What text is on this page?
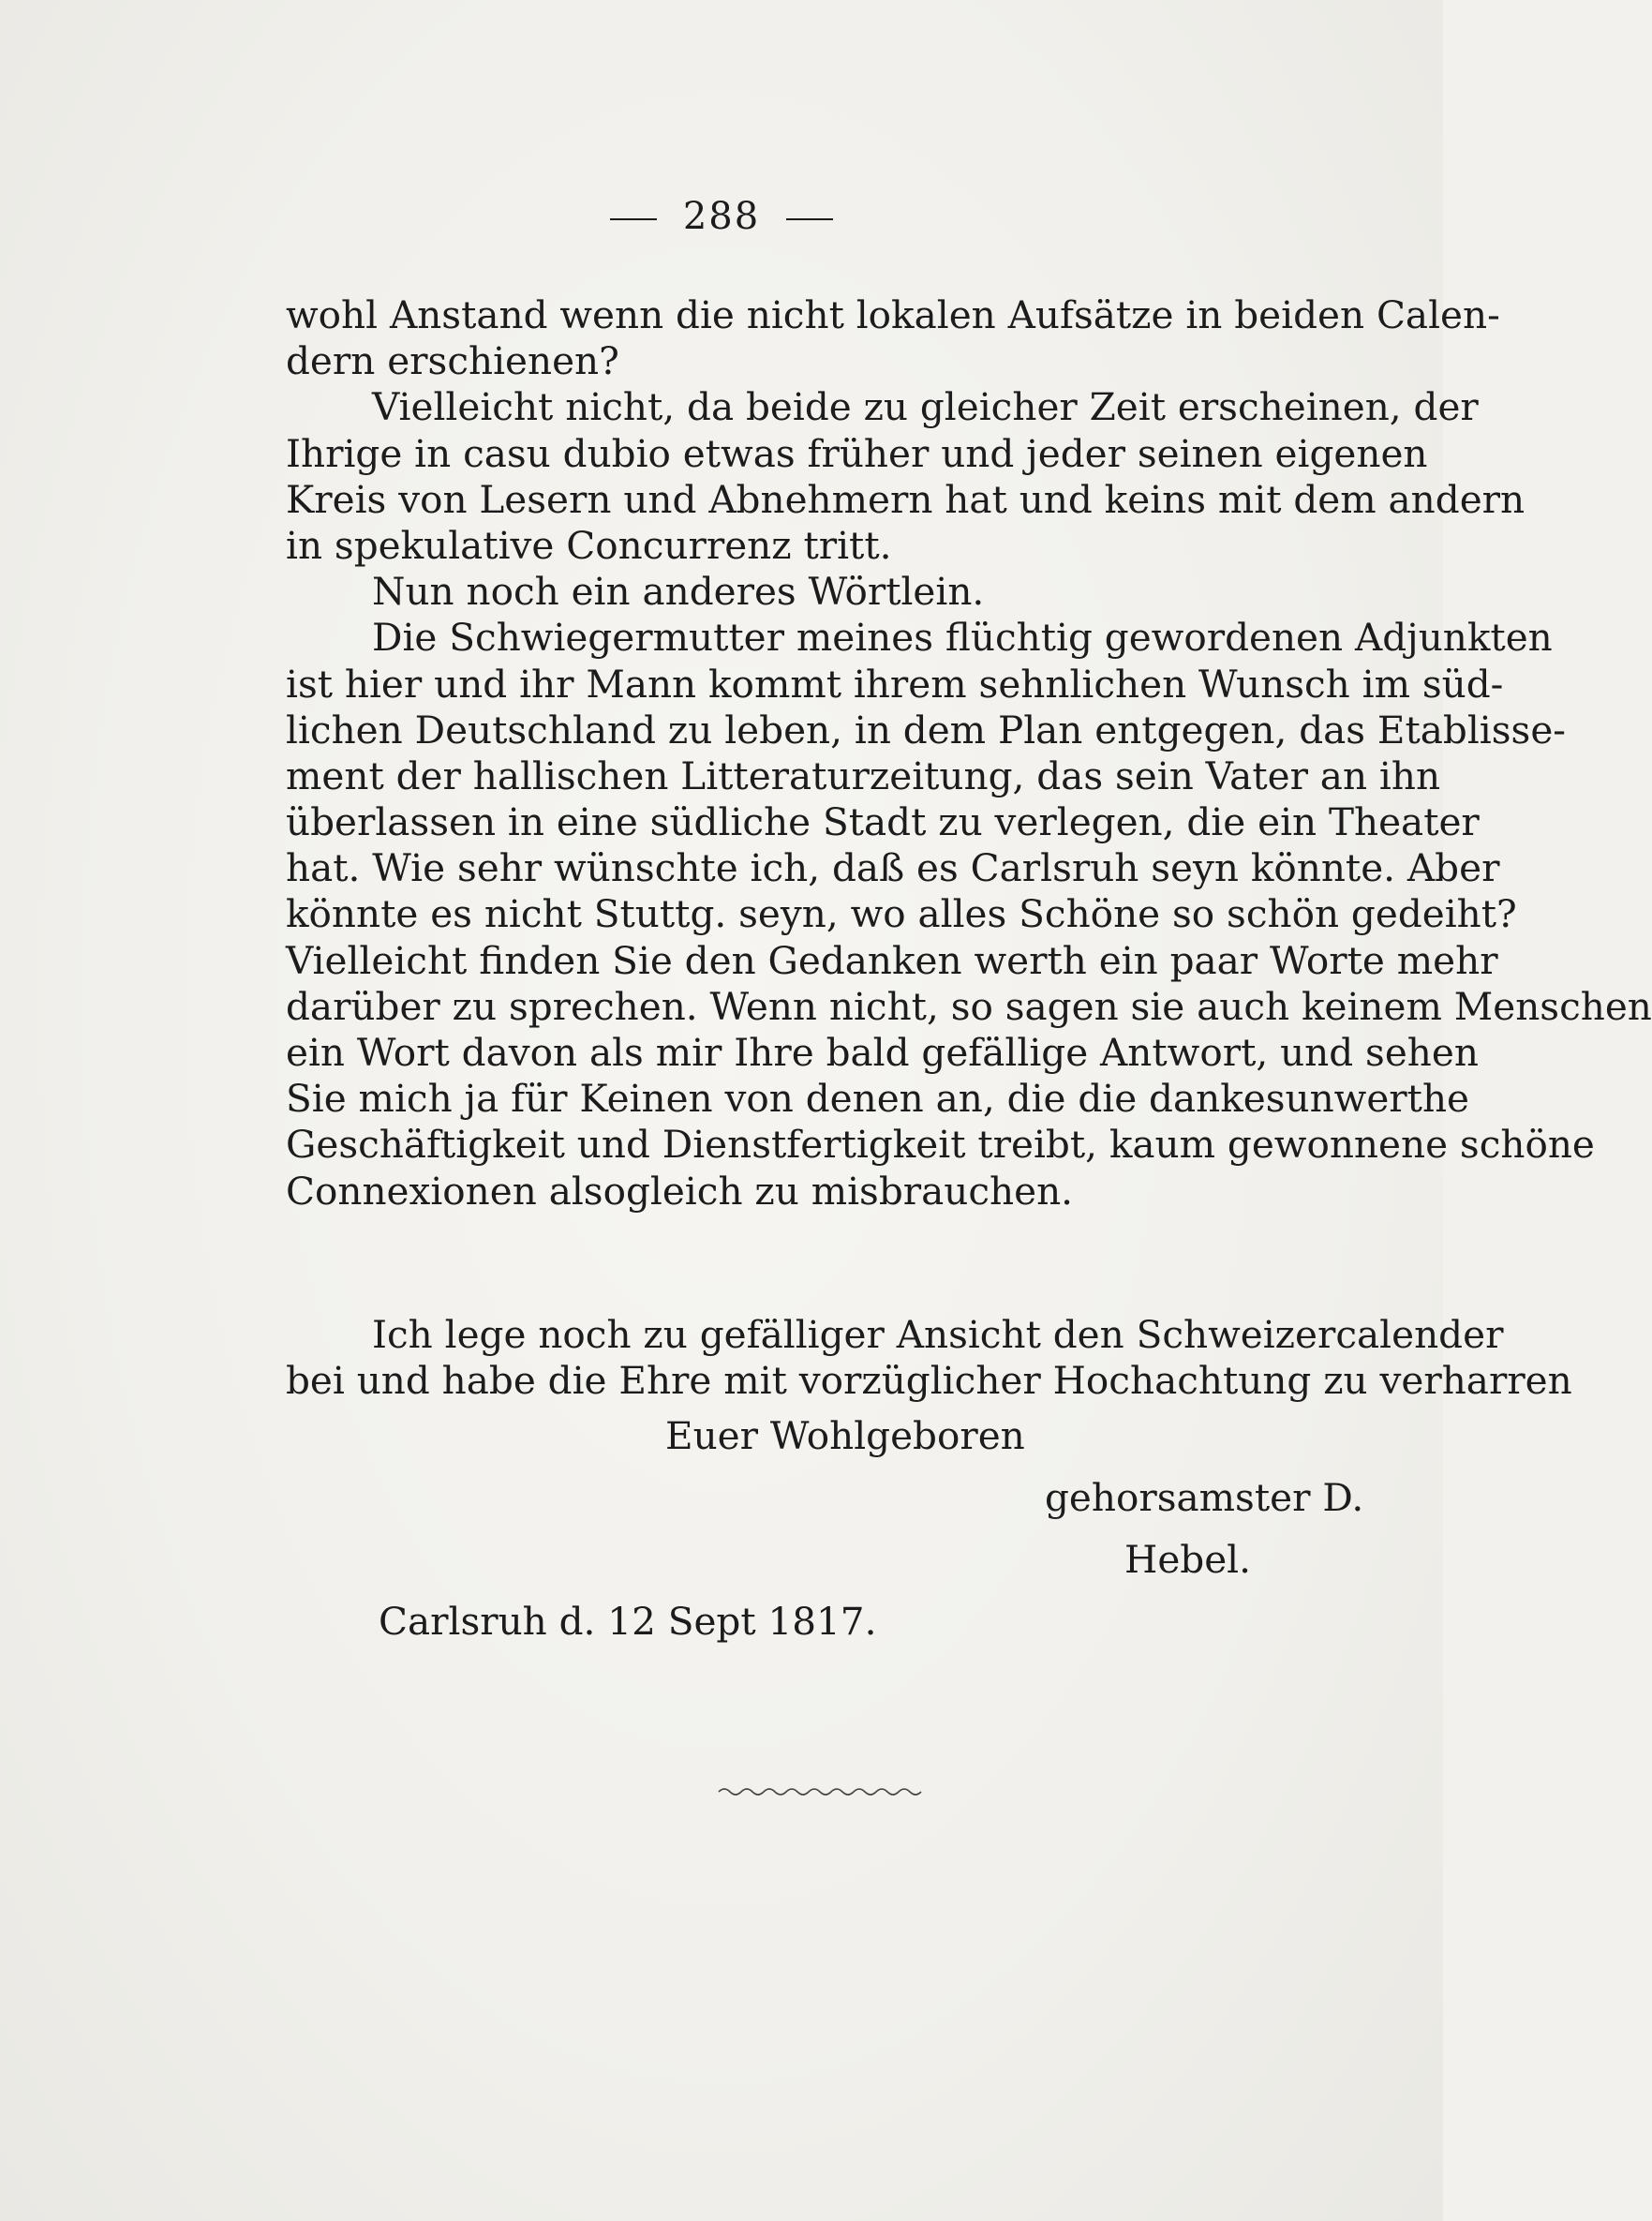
288
wohl Anstand wenn die nicht lokalen Aufsätze in beiden Calen-
dern erschienen?
Vielleicht nicht, da beide zu gleicher Zeit erscheinen, der
Ihrige in casu dubio etwas früher und jeder seinen eigenen
Kreis von Lesern und Abnehmern hat und keins mit dem andern
in spekulative Concurrenz tritt.
Nun noch ein anderes Wörtlein.
Die Schwiegermutter meines flüchtig gewordenen Adjunkten
ist hier und ihr Mann kommt ihrem sehnlichen Wunsch im süd-
lichen Deutschland zu leben, in dem Plan entgegen, das Etablisse-
ment der hallischen Litteraturzeitung, das sein Vater an ihn
überlassen in eine südliche Stadt zu verlegen, die ein Theater
hat. Wie sehr wünschte ich, daß es Carlsruh seyn könnte. Aber
könnte es nicht Stuttg. seyn, wo alles Schöne so schön gedeiht?
Vielleicht finden Sie den Gedanken werth ein paar Worte mehr
darüber zu sprechen. Wenn nicht, so sagen sie auch keinem Menschen
ein Wort davon als mir Ihre bald gefällige Antwort, und sehen
Sie mich ja für Keinen von denen an, die die dankesunwerthe
Geschäftigkeit und Dienstfertigkeit treibt, kaum gewonnene schöne
Connexionen alsogleich zu misbrauchen.
Ich lege noch zu gefälliger Ansicht den Schweizercalender
bei und habe die Ehre mit vorzüglicher Hochachtung zu verharren
Euer Wohlgeboren
gehorsamster D.
Hebel.
Carlsruh d. 12 Sept 1817.
